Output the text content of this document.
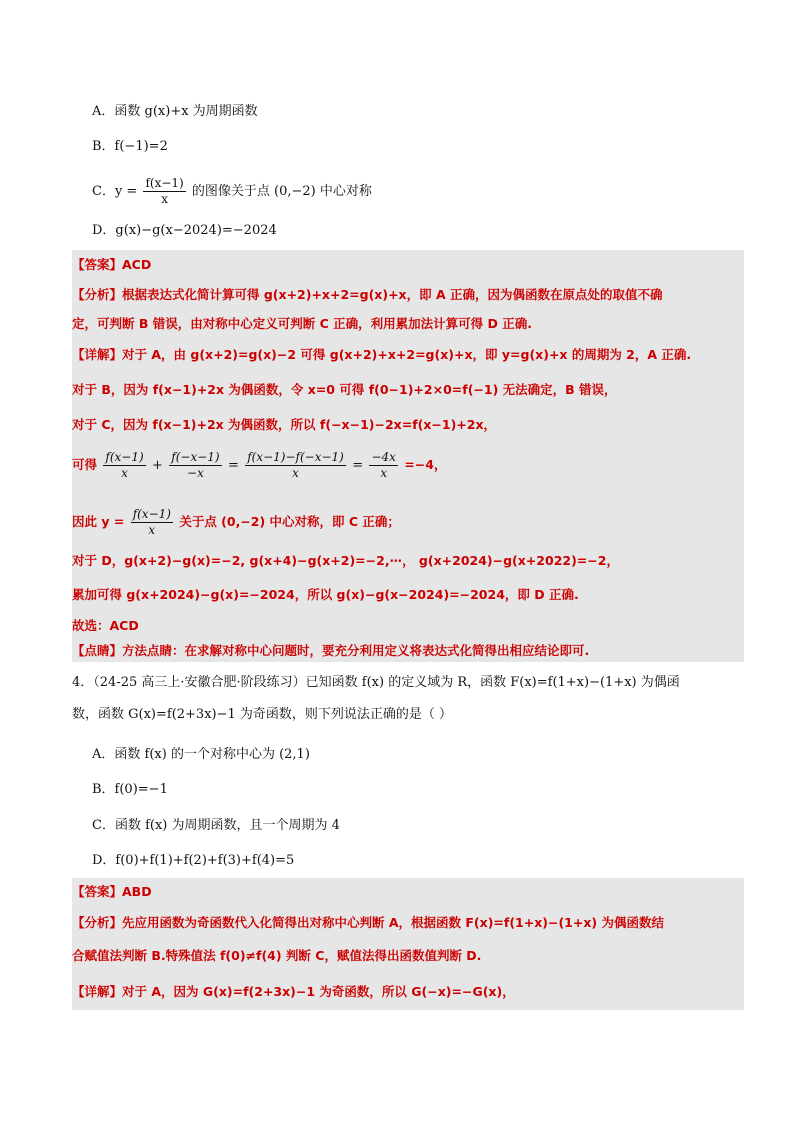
A．函数 g(x)+x 为周期函数
B．f(−1)=2
C．$y = \frac{f(x-1)}{x}$ 的图像关于点 (0,−2) 中心对称
D．g(x)−g(x−2024)=−2024
【答案】ACD
【分析】根据表达式化简计算可得 g(x+2)+x+2=g(x)+x，即 A 正确，因为偶函数在原点处的取值不确
定，可判断 B 错误，由对称中心定义可判断 C 正确，利用累加法计算可得 D 正确.
【详解】对于 A，由 g(x+2)=g(x)−2 可得 g(x+2)+x+2=g(x)+x，即 y=g(x)+x 的周期为 2，A 正确.
对于 B，因为 f(x−1)+2x 为偶函数，令 x=0 可得 f(0−1)+2×0=f(−1) 无法确定，B 错误，
对于 C，因为 f(x−1)+2x 为偶函数，所以 f(−x−1)−2x=f(x−1)+2x，
可得 $\frac{f(x-1)}{x} + \frac{f(-x-1)}{-x} = \frac{f(x-1)-f(-x-1)}{x} = \frac{-4x}{x} =-4$，
因此 $y = \frac{f(x-1)}{x}$ 关于点 (0,−2) 中心对称，即 C 正确；
对于 D，g(x+2)−g(x)=−2, g(x+4)−g(x+2)=−2,⋯， g(x+2024)−g(x+2022)=−2，
累加可得 g(x+2024)−g(x)=−2024，所以 g(x)−g(x−2024)=−2024，即 D 正确.
故选：ACD
【点睛】方法点睛：在求解对称中心问题时，要充分利用定义将表达式化简得出相应结论即可.
4．（24-25 高三上·安徽合肥·阶段练习）已知函数 f(x) 的定义域为 R，函数 F(x)=f(1+x)−(1+x) 为偶函
数，函数 G(x)=f(2+3x)−1 为奇函数，则下列说法正确的是（ ）
A．函数 f(x) 的一个对称中心为 (2,1)
B．f(0)=−1
C．函数 f(x) 为周期函数，且一个周期为 4
D．f(0)+f(1)+f(2)+f(3)+f(4)=5
【答案】ABD
【分析】先应用函数为奇函数代入化简得出对称中心判断 A，根据函数 F(x)=f(1+x)−(1+x) 为偶函数结
合赋值法判断 B.特殊值法 f(0)≠f(4) 判断 C，赋值法得出函数值判断 D.
【详解】对于 A，因为 G(x)=f(2+3x)−1 为奇函数，所以 G(−x)=−G(x)，
